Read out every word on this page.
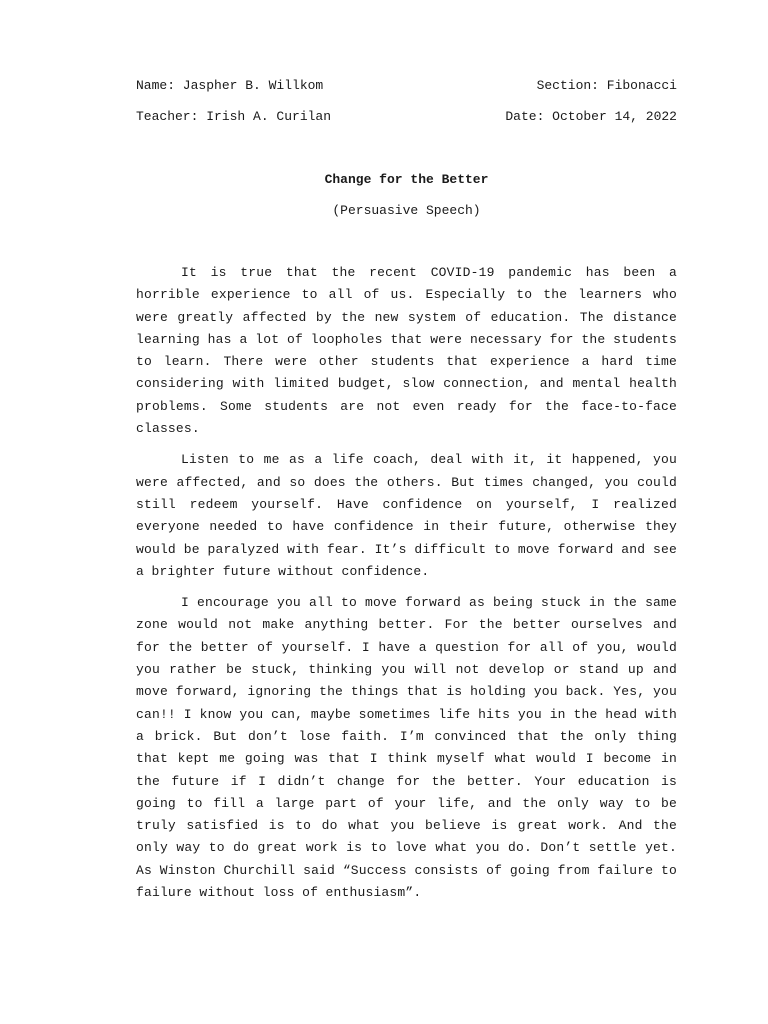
Name: Jaspher B. Willkom	Section: Fibonacci
Teacher: Irish A. Curilan	Date: October 14, 2022
Change for the Better
(Persuasive Speech)

It is true that the recent COVID-19 pandemic has been a horrible experience to all of us. Especially to the learners who were greatly affected by the new system of education. The distance learning has a lot of loopholes that were necessary for the students to learn. There were other students that experience a hard time considering with limited budget, slow connection, and mental health problems. Some students are not even ready for the face-to-face classes.

Listen to me as a life coach, deal with it, it happened, you were affected, and so does the others. But times changed, you could still redeem yourself. Have confidence on yourself, I realized everyone needed to have confidence in their future, otherwise they would be paralyzed with fear. It’s difficult to move forward and see a brighter future without confidence.

I encourage you all to move forward as being stuck in the same zone would not make anything better. For the better ourselves and for the better of yourself. I have a question for all of you, would you rather be stuck, thinking you will not develop or stand up and move forward, ignoring the things that is holding you back. Yes, you can!! I know you can, maybe sometimes life hits you in the head with a brick. But don’t lose faith. I’m convinced that the only thing that kept me going was that I think myself what would I become in the future if I didn’t change for the better. Your education is going to fill a large part of your life, and the only way to be truly satisfied is to do what you believe is great work. And the only way to do great work is to love what you do. Don’t settle yet. As Winston Churchill said “Success consists of going from failure to failure without loss of enthusiasm”.
